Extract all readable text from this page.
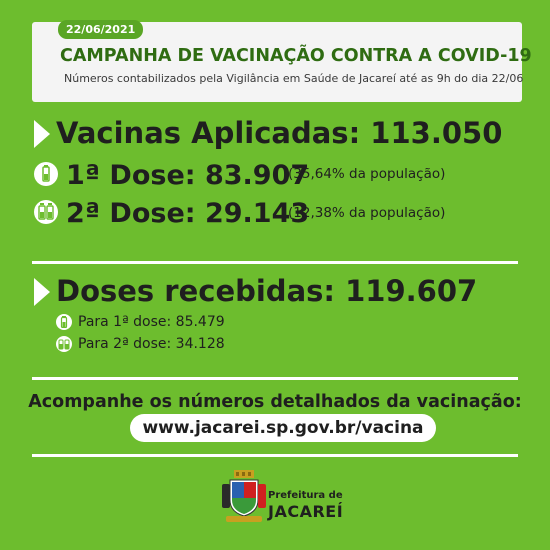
22/06/2021
CAMPANHA DE VACINAÇÃO CONTRA A COVID-19
Números contabilizados pela Vigilância em Saúde de Jacareí até as 9h do dia 22/06
Vacinas Aplicadas: 113.050
1ª Dose: 83.907
(35,64% da população)
2ª Dose: 29.143
(12,38% da população)
Doses recebidas: 119.607
Para 1ª dose: 85.479
Para 2ª dose: 34.128
Acompanhe os números detalhados da vacinação:
www.jacarei.sp.gov.br/vacina
Prefeitura de
JACAREÍ
